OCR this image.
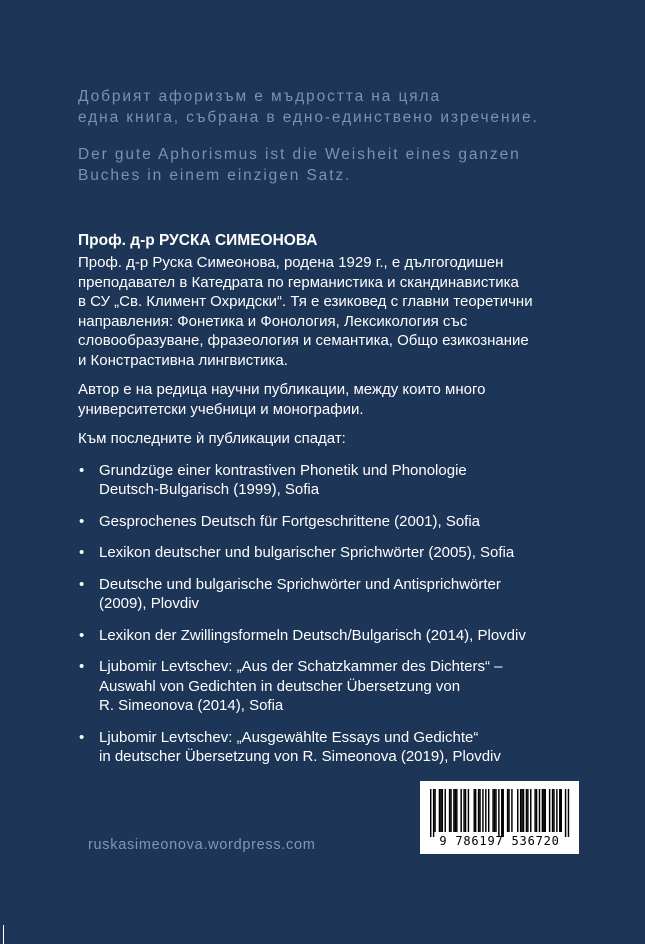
Добрият афоризъм е мъдростта на цяла
една книга, събрана в едно-единствено изречение.
Der gute Aphorismus ist die Weisheit eines ganzen
Buches in einem einzigen Satz.
Проф. д-р РУСКА СИМЕОНОВА

Проф. д-р Руска Симеонова, родена 1929 г., е дългогодишен
преподавател в Катедрата по германистика и скандинавистика
в СУ „Св. Климент Охридски“. Тя е езиковед с главни теоретични
направления: Фонетика и Фонология, Лексикология със
словообразуване, фразеология и семантика, Общо езикознание
и Констрастивна лингвистика.

Автор е на редица научни публикации, между които много
университетски учебници и монографии.

Към последните ѝ публикации спадат:

• Grundzüge einer kontrastiven Phonetik und Phonologie
Deutsch-Bulgarisch (1999), Sofia
• Gesprochenes Deutsch für Fortgeschrittene (2001), Sofia
• Lexikon deutscher und bulgarischer Sprichwörter (2005), Sofia
• Deutsche und bulgarische Sprichwörter und Antisprichwörter
(2009), Plovdiv
• Lexikon der Zwillingsformeln Deutsch/Bulgarisch (2014), Plovdiv
• Ljubomir Levtschev: „Aus der Schatzkammer des Dichters“ –
Auswahl von Gedichten in deutscher Übersetzung von
R. Simeonova (2014), Sofia
• Ljubomir Levtschev: „Ausgewählte Essays und Gedichte“
in deutscher Übersetzung von R. Simeonova (2019), Plovdiv
ruskasimeonova.wordpress.com	9 786197 536720
